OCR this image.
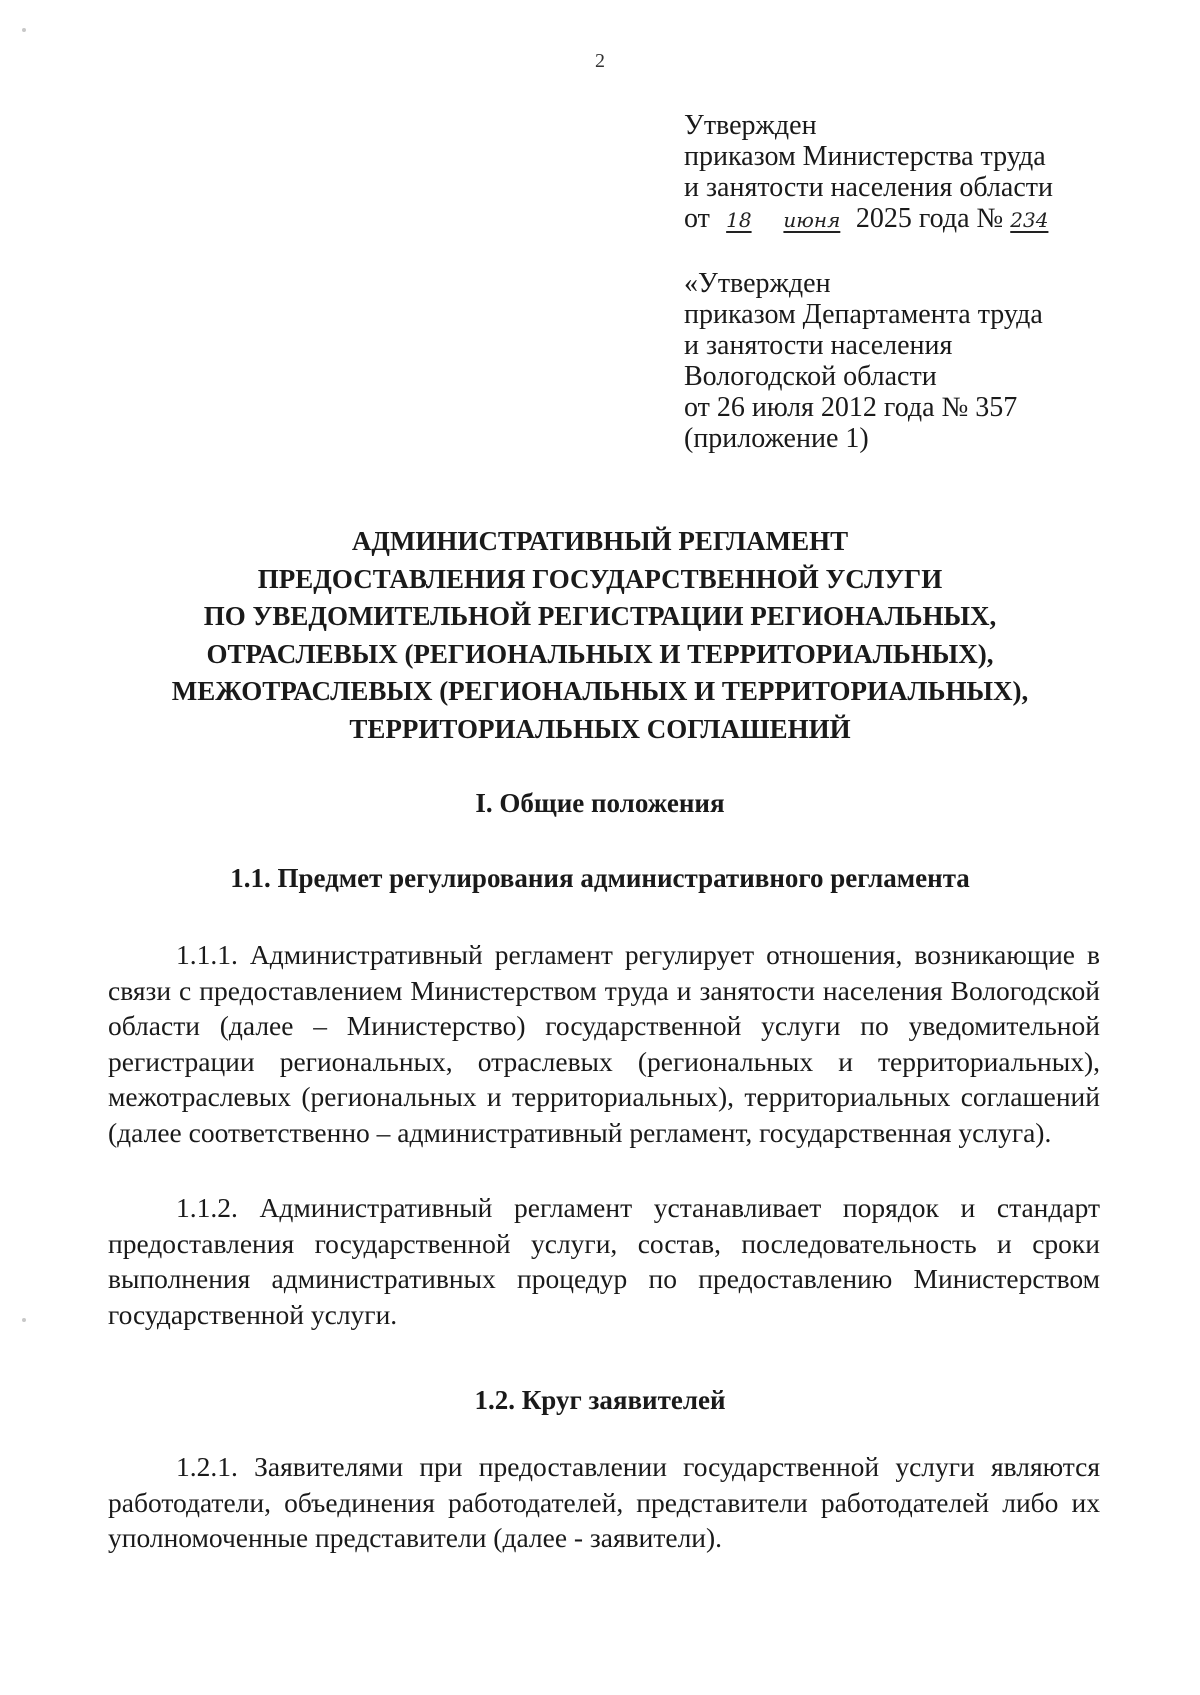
2
Утвержден
приказом Министерства труда
и занятости населения области
от 18 июня 2025 года № 234
«Утвержден
приказом Департамента труда
и занятости населения
Вологодской области
от 26 июля 2012 года № 357
(приложение 1)
АДМИНИСТРАТИВНЫЙ РЕГЛАМЕНТ
ПРЕДОСТАВЛЕНИЯ ГОСУДАРСТВЕННОЙ УСЛУГИ
ПО УВЕДОМИТЕЛЬНОЙ РЕГИСТРАЦИИ РЕГИОНАЛЬНЫХ,
ОТРАСЛЕВЫХ (РЕГИОНАЛЬНЫХ И ТЕРРИТОРИАЛЬНЫХ),
МЕЖОТРАСЛЕВЫХ (РЕГИОНАЛЬНЫХ И ТЕРРИТОРИАЛЬНЫХ),
ТЕРРИТОРИАЛЬНЫХ СОГЛАШЕНИЙ
I. Общие положения
1.1. Предмет регулирования административного регламента

1.1.1. Административный регламент регулирует отношения, возникающие в связи с предоставлением Министерством труда и занятости населения Вологодской области (далее – Министерство) государственной услуги по уведомительной регистрации региональных, отраслевых (региональных и территориальных), межотраслевых (региональных и территориальных), территориальных соглашений (далее соответственно – административный регламент, государственная услуга).

1.1.2. Административный регламент устанавливает порядок и стандарт предоставления государственной услуги, состав, последовательность и сроки выполнения административных процедур по предоставлению Министерством государственной услуги.

1.2. Круг заявителей

1.2.1. Заявителями при предоставлении государственной услуги являются работодатели, объединения работодателей, представители работодателей либо их уполномоченные представители (далее - заявители).
